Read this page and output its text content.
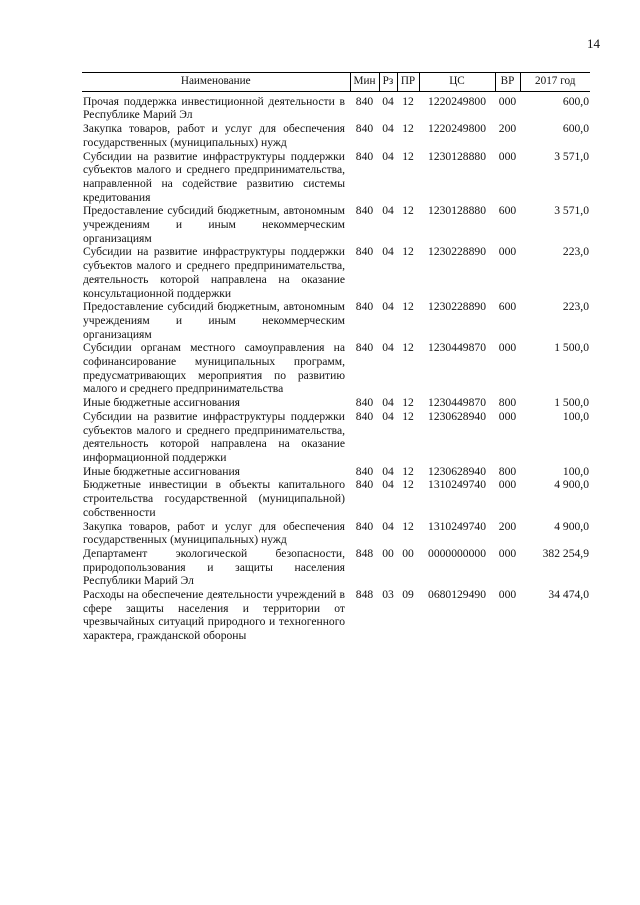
14
Наименование	Мин	Рз	ПР	ЦС	ВР	2017 год
Прочая поддержка инвестиционной деятельности в Республике Марий Эл	840	04	12	1220249800	000	600,0
Закупка товаров, работ и услуг для обеспечения государственных (муниципальных) нужд	840	04	12	1220249800	200	600,0
Субсидии на развитие инфраструктуры поддержки субъектов малого и среднего предпринимательства, направленной на содействие развитию системы кредитования	840	04	12	1230128880	000	3 571,0
Предоставление субсидий бюджетным, автономным учреждениям и иным некоммерческим организациям	840	04	12	1230128880	600	3 571,0
Субсидии на развитие инфраструктуры поддержки субъектов малого и среднего предпринимательства, деятельность которой направлена на оказание консультационной поддержки	840	04	12	1230228890	000	223,0
Предоставление субсидий бюджетным, автономным учреждениям и иным некоммерческим организациям	840	04	12	1230228890	600	223,0
Субсидии органам местного самоуправления на софинансирование муниципальных программ, предусматривающих мероприятия по развитию малого и среднего предпринимательства	840	04	12	1230449870	000	1 500,0
Иные бюджетные ассигнования	840	04	12	1230449870	800	1 500,0
Субсидии на развитие инфраструктуры поддержки субъектов малого и среднего предпринимательства, деятельность которой направлена на оказание информационной поддержки	840	04	12	1230628940	000	100,0
Иные бюджетные ассигнования	840	04	12	1230628940	800	100,0
Бюджетные инвестиции в объекты капитального строительства государственной (муниципальной) собственности	840	04	12	1310249740	000	4 900,0
Закупка товаров, работ и услуг для обеспечения государственных (муниципальных) нужд	840	04	12	1310249740	200	4 900,0
Департамент экологической безопасности, природопользования и защиты населения Республики Марий Эл	848	00	00	0000000000	000	382 254,9
Расходы на обеспечение деятельности учреждений в сфере защиты населения и территории от чрезвычайных ситуаций природного и техногенного характера, гражданской обороны	848	03	09	0680129490	000	34 474,0
